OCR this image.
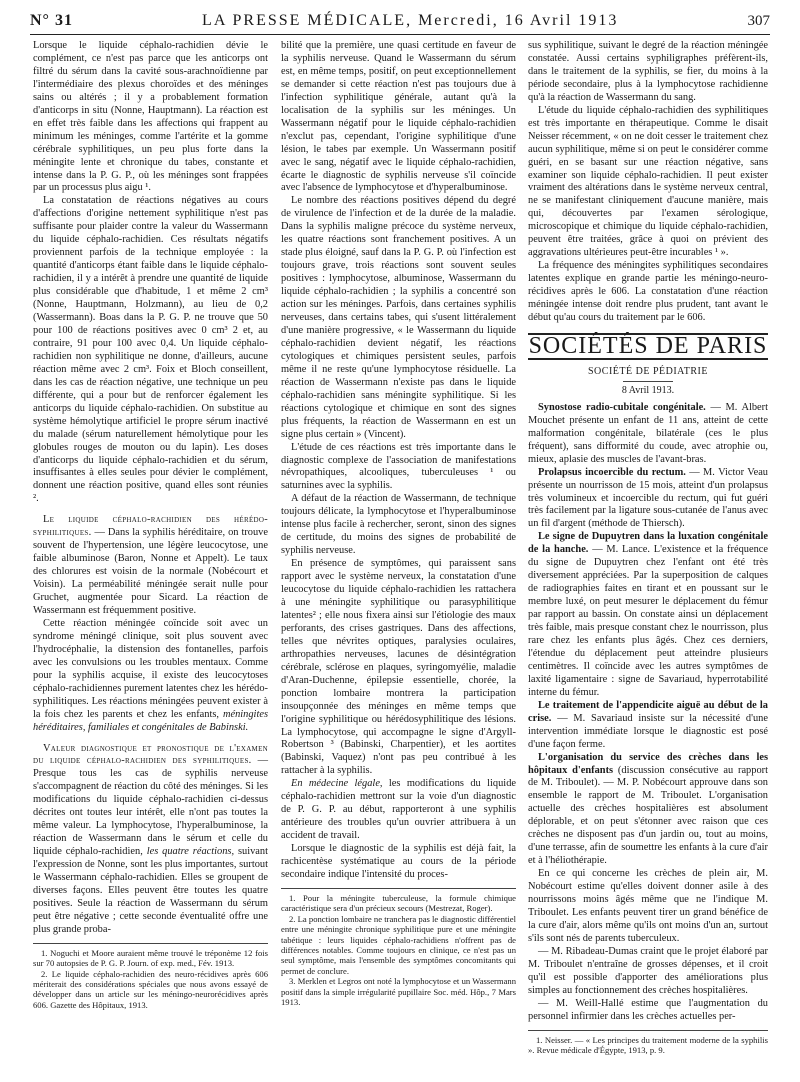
N° 31	LA PRESSE MÉDICALE, Mercredi, 16 Avril 1913	307

Lorsque le liquide céphalo-rachidien dévie le complément, ce n'est pas parce que les anticorps ont filtré du sérum dans la cavité sous-arachnoïdienne par l'intermédiaire des plexus choroïdes et des méninges sains ou altérés ; il y a probablement formation d'anticorps in situ (Nonne, Hauptmann). La réaction est en effet très faible dans les affections qui frappent au minimum les méninges, comme l'artérite et la gomme cérébrale syphilitiques, un peu plus forte dans la méningite lente et chronique du tabes, constante et intense dans la P. G. P., où les méninges sont frappées par un processus plus aigu ¹.

La constatation de réactions négatives au cours d'affections d'origine nettement syphilitique n'est pas suffisante pour plaider contre la valeur du Wassermann du liquide céphalo-rachidien. Ces résultats négatifs proviennent parfois de la technique employée : la quantité d'anticorps étant faible dans le liquide céphalo-rachidien, il y a intérêt à prendre une quantité de liquide plus considérable que d'habitude, 1 et même 2 cm³ (Nonne, Hauptmann, Holzmann), au lieu de 0,2 (Wassermann). Boas dans la P. G. P. ne trouve que 50 pour 100 de réactions positives avec 0 cm³ 2 et, au contraire, 91 pour 100 avec 0,4. Un liquide céphalo-rachidien non syphilitique ne donne, d'ailleurs, aucune réaction même avec 2 cm³. Foix et Bloch conseillent, dans les cas de réaction négative, une technique un peu différente, qui a pour but de renforcer également les anticorps du liquide céphalo-rachidien. On substitue au système hémolytique artificiel le propre sérum inactivé du malade (sérum naturellement hémolytique pour les globules rouges de mouton ou du lapin). Les doses d'anticorps du liquide céphalo-rachidien et du sérum, insuffisantes à elles seules pour dévier le complément, donnent une réaction positive, quand elles sont réunies ².

Le liquide céphalo-rachidien des hérédo-syphilitiques. — Dans la syphilis héréditaire, on trouve souvent de l'hypertension, une légère leucocytose, une faible albuminose (Baron, Nonne et Appelt). Le taux des chlorures est voisin de la normale (Nobécourt et Voisin). La perméabilité méningée serait nulle pour Gruchet, augmentée pour Sicard. La réaction de Wassermann est fréquemment positive.

Cette réaction méningée coïncide soit avec un syndrome méningé clinique, soit plus souvent avec l'hydrocéphalie, la distension des fontanelles, parfois avec les convulsions ou les troubles mentaux. Comme pour la syphilis acquise, il existe des leucocytoses céphalo-rachidiennes purement latentes chez les hérédo-syphilitiques. Les réactions méningées peuvent exister à la fois chez les parents et chez les enfants, méningites héréditaires, familiales et congénitales de Babinski.

Valeur diagnostique et pronostique de l'examen du liquide céphalo-rachidien des syphilitiques. — Presque tous les cas de syphilis nerveuse s'accompagnent de réaction du côté des méninges. Si les modifications du liquide céphalo-rachidien ci-dessus décrites ont toutes leur intérêt, elle n'ont pas toutes la même valeur. La lymphocytose, l'hyperalbuminose, la réaction de Wassermann dans le sérum et celle du liquide céphalo-rachidien, les quatre réactions, suivant l'expression de Nonne, sont les plus importantes, surtout le Wassermann céphalo-rachidien. Elles se groupent de diverses façons. Elles peuvent être toutes les quatre positives. Seule la réaction de Wassermann du sérum peut être négative ; cette seconde éventualité offre une plus grande proba-

1. Noguchi et Moore auraient même trouvé le tréponème 12 fois sur 70 autopsies de P. G. P. Journ. of exp. med., Fév. 1913.

2. Le liquide céphalo-rachidien des neuro-récidives après 606 mériterait des considérations spéciales que nous avons essayé de développer dans un article sur les méningo-neurorécidives après 606. Gazette des Hôpitaux, 1913.

bilité que la première, une quasi certitude en faveur de la syphilis nerveuse. Quand le Wassermann du sérum est, en même temps, positif, on peut exceptionnellement se demander si cette réaction n'est pas toujours due à l'infection syphilitique générale, autant qu'à la localisation de la syphilis sur les méninges. Un Wassermann négatif pour le liquide céphalo-rachidien n'exclut pas, cependant, l'origine syphilitique d'une lésion, le tabes par exemple. Un Wassermann positif avec le sang, négatif avec le liquide céphalo-rachidien, écarte le diagnostic de syphilis nerveuse s'il coïncide avec l'absence de lymphocytose et d'hyperalbuminose.

Le nombre des réactions positives dépend du degré de virulence de l'infection et de la durée de la maladie. Dans la syphilis maligne précoce du système nerveux, les quatre réactions sont franchement positives. A un stade plus éloigné, sauf dans la P. G. P. où l'infection est toujours grave, trois réactions sont souvent seules positives : lymphocytose, albuminose, Wassermann du liquide céphalo-rachidien ; la syphilis a concentré son action sur les méninges. Parfois, dans certaines syphilis nerveuses, dans certains tabes, qui s'usent littéralement d'une manière progressive, « le Wassermann du liquide céphalo-rachidien devient négatif, les réactions cytologiques et chimiques persistent seules, parfois même il ne reste qu'une lymphocytose résiduelle. La réaction de Wassermann n'existe pas dans le liquide céphalo-rachidien sans méningite syphilitique. Si les réactions cytologique et chimique en sont des signes plus fréquents, la réaction de Wassermann en est un signe plus certain » (Vincent).

L'étude de ces réactions est très importante dans le diagnostic complexe de l'association de manifestations névropathiques, alcooliques, tuberculeuses ¹ ou saturnines avec la syphilis.

A défaut de la réaction de Wassermann, de technique toujours délicate, la lymphocytose et l'hyperalbuminose intense plus facile à rechercher, seront, sinon des signes de certitude, du moins des signes de probabilité de syphilis nerveuse.

En présence de symptômes, qui paraissent sans rapport avec le système nerveux, la constatation d'une leucocytose du liquide céphalo-rachidien les rattachera à une méningite syphilitique ou parasyphilitique latentes² ; elle nous fixera ainsi sur l'étiologie des maux perforants, des crises gastriques. Dans des affections, telles que névrites optiques, paralysies oculaires, arthropathies nerveuses, lacunes de désintégration cérébrale, sclérose en plaques, syringomyélie, maladie d'Aran-Duchenne, épilepsie essentielle, chorée, la ponction lombaire montrera la participation insoupçonnée des méninges en même temps que l'origine syphilitique ou hérédosyphilitique des lésions. La lymphocytose, qui accompagne le signe d'Argyll-Robertson ³ (Babinski, Charpentier), et les aortites (Babinski, Vaquez) n'ont pas peu contribué à les rattacher à la syphilis.

En médecine légale, les modifications du liquide céphalo-rachidien mettront sur la voie d'un diagnostic de P. G. P. au début, rapporteront à une syphilis antérieure des troubles qu'un ouvrier attribuera à un accident de travail.

Lorsque le diagnostic de la syphilis est déjà fait, la rachicentèse systématique au cours de la période secondaire indique l'intensité du proces-

1. Pour la méningite tuberculeuse, la formule chimique caractéristique sera d'un précieux secours (Mestrezat, Roger).

2. La ponction lombaire ne tranchera pas le diagnostic différentiel entre une méningite chronique syphilitique pure et une méningite tabétique : leurs liquides céphalo-rachidiens n'offrent pas de différences notables. Comme toujours en clinique, ce n'est pas un seul symptôme, mais l'ensemble des symptômes concomitants qui permet de conclure.

3. Merklen et Legros ont noté la lymphocytose et un Wassermann positif dans la simple irrégularité pupillaire Soc. méd. Hôp., 7 Mars 1913.

sus syphilitique, suivant le degré de la réaction méningée constatée. Aussi certains syphiligraphes préfèrent-ils, dans le traitement de la syphilis, se fier, du moins à la période secondaire, plus à la lymphocytose rachidienne qu'à la réaction de Wassermann du sang.

L'étude du liquide céphalo-rachidien des syphilitiques est très importante en thérapeutique. Comme le disait Neisser récemment, « on ne doit cesser le traitement chez aucun syphilitique, même si on peut le considérer comme guéri, en se basant sur une réaction négative, sans examiner son liquide céphalo-rachidien. Il peut exister vraiment des altérations dans le système nerveux central, ne se manifestant cliniquement d'aucune manière, mais qui, découvertes par l'examen sérologique, microscopique et chimique du liquide céphalo-rachidien, peuvent être traitées, grâce à quoi on prévient des aggravations ultérieures peut-être incurables ¹ ».

La fréquence des méningites syphilitiques secondaires latentes explique en grande partie les méningo-neuro-récidives après le 606. La constatation d'une réaction méningée intense doit rendre plus prudent, tant avant le début qu'au cours du traitement par le 606.

SOCIÉTÉS DE PARIS
SOCIÉTÉ DE PÉDIATRIE
8 Avril 1913.

Synostose radio-cubitale congénitale. — M. Albert Mouchet présente un enfant de 11 ans, atteint de cette malformation congénitale, bilatérale (ces le plus fréquent), sans difformité du coude, avec atrophie ou, mieux, aplasie des muscles de l'avant-bras.

Prolapsus incoercible du rectum. — M. Victor Veau présente un nourrisson de 15 mois, atteint d'un prolapsus très volumineux et incoercible du rectum, qui fut guéri très facilement par la ligature sous-cutanée de l'anus avec un fil d'argent (méthode de Thiersch).

Le signe de Dupuytren dans la luxation congénitale de la hanche. — M. Lance. L'existence et la fréquence du signe de Dupuytren chez l'enfant ont été très diversement appréciées. Par la superposition de calques de radiographies faites en tirant et en poussant sur le membre luxé, on peut mesurer le déplacement du fémur par rapport au bassin. On constate ainsi un déplacement très faible, mais presque constant chez le nourrisson, plus rare chez les enfants plus âgés. Chez ces derniers, l'étendue du déplacement peut atteindre plusieurs centimètres. Il coïncide avec les autres symptômes de laxité ligamentaire : signe de Savariaud, hyperrotabilité interne du fémur.

Le traitement de l'appendicite aiguë au début de la crise. — M. Savariaud insiste sur la nécessité d'une intervention immédiate lorsque le diagnostic est posé d'une façon ferme.

L'organisation du service des crèches dans les hôpitaux d'enfants (discussion consécutive au rapport de M. Triboulet). — M. P. Nobécourt approuve dans son ensemble le rapport de M. Triboulet. L'organisation actuelle des crèches hospitalières est absolument déplorable, et on peut s'étonner avec raison que ces crèches ne disposent pas d'un jardin ou, tout au moins, d'une terrasse, afin de soumettre les enfants à la cure d'air et à l'héliothérapie.

En ce qui concerne les crèches de plein air, M. Nobécourt estime qu'elles doivent donner asile à des nourrissons moins âgés même que ne l'indique M. Triboulet. Les enfants peuvent tirer un grand bénéfice de la cure d'air, alors même qu'ils ont moins d'un an, surtout s'ils sont nés de parents tuberculeux.

— M. Ribadeau-Dumas craint que le projet élaboré par M. Triboulet n'entraîne de grosses dépenses, et il croit qu'il est possible d'apporter des améliorations plus simples au fonctionnement des crèches hospitalières.

— M. Weill-Hallé estime que l'augmentation du personnel infirmier dans les crèches actuelles per-

1. Neisser. — « Les principes du traitement moderne de la syphilis ». Revue médicale d'Égypte, 1913, p. 9.
